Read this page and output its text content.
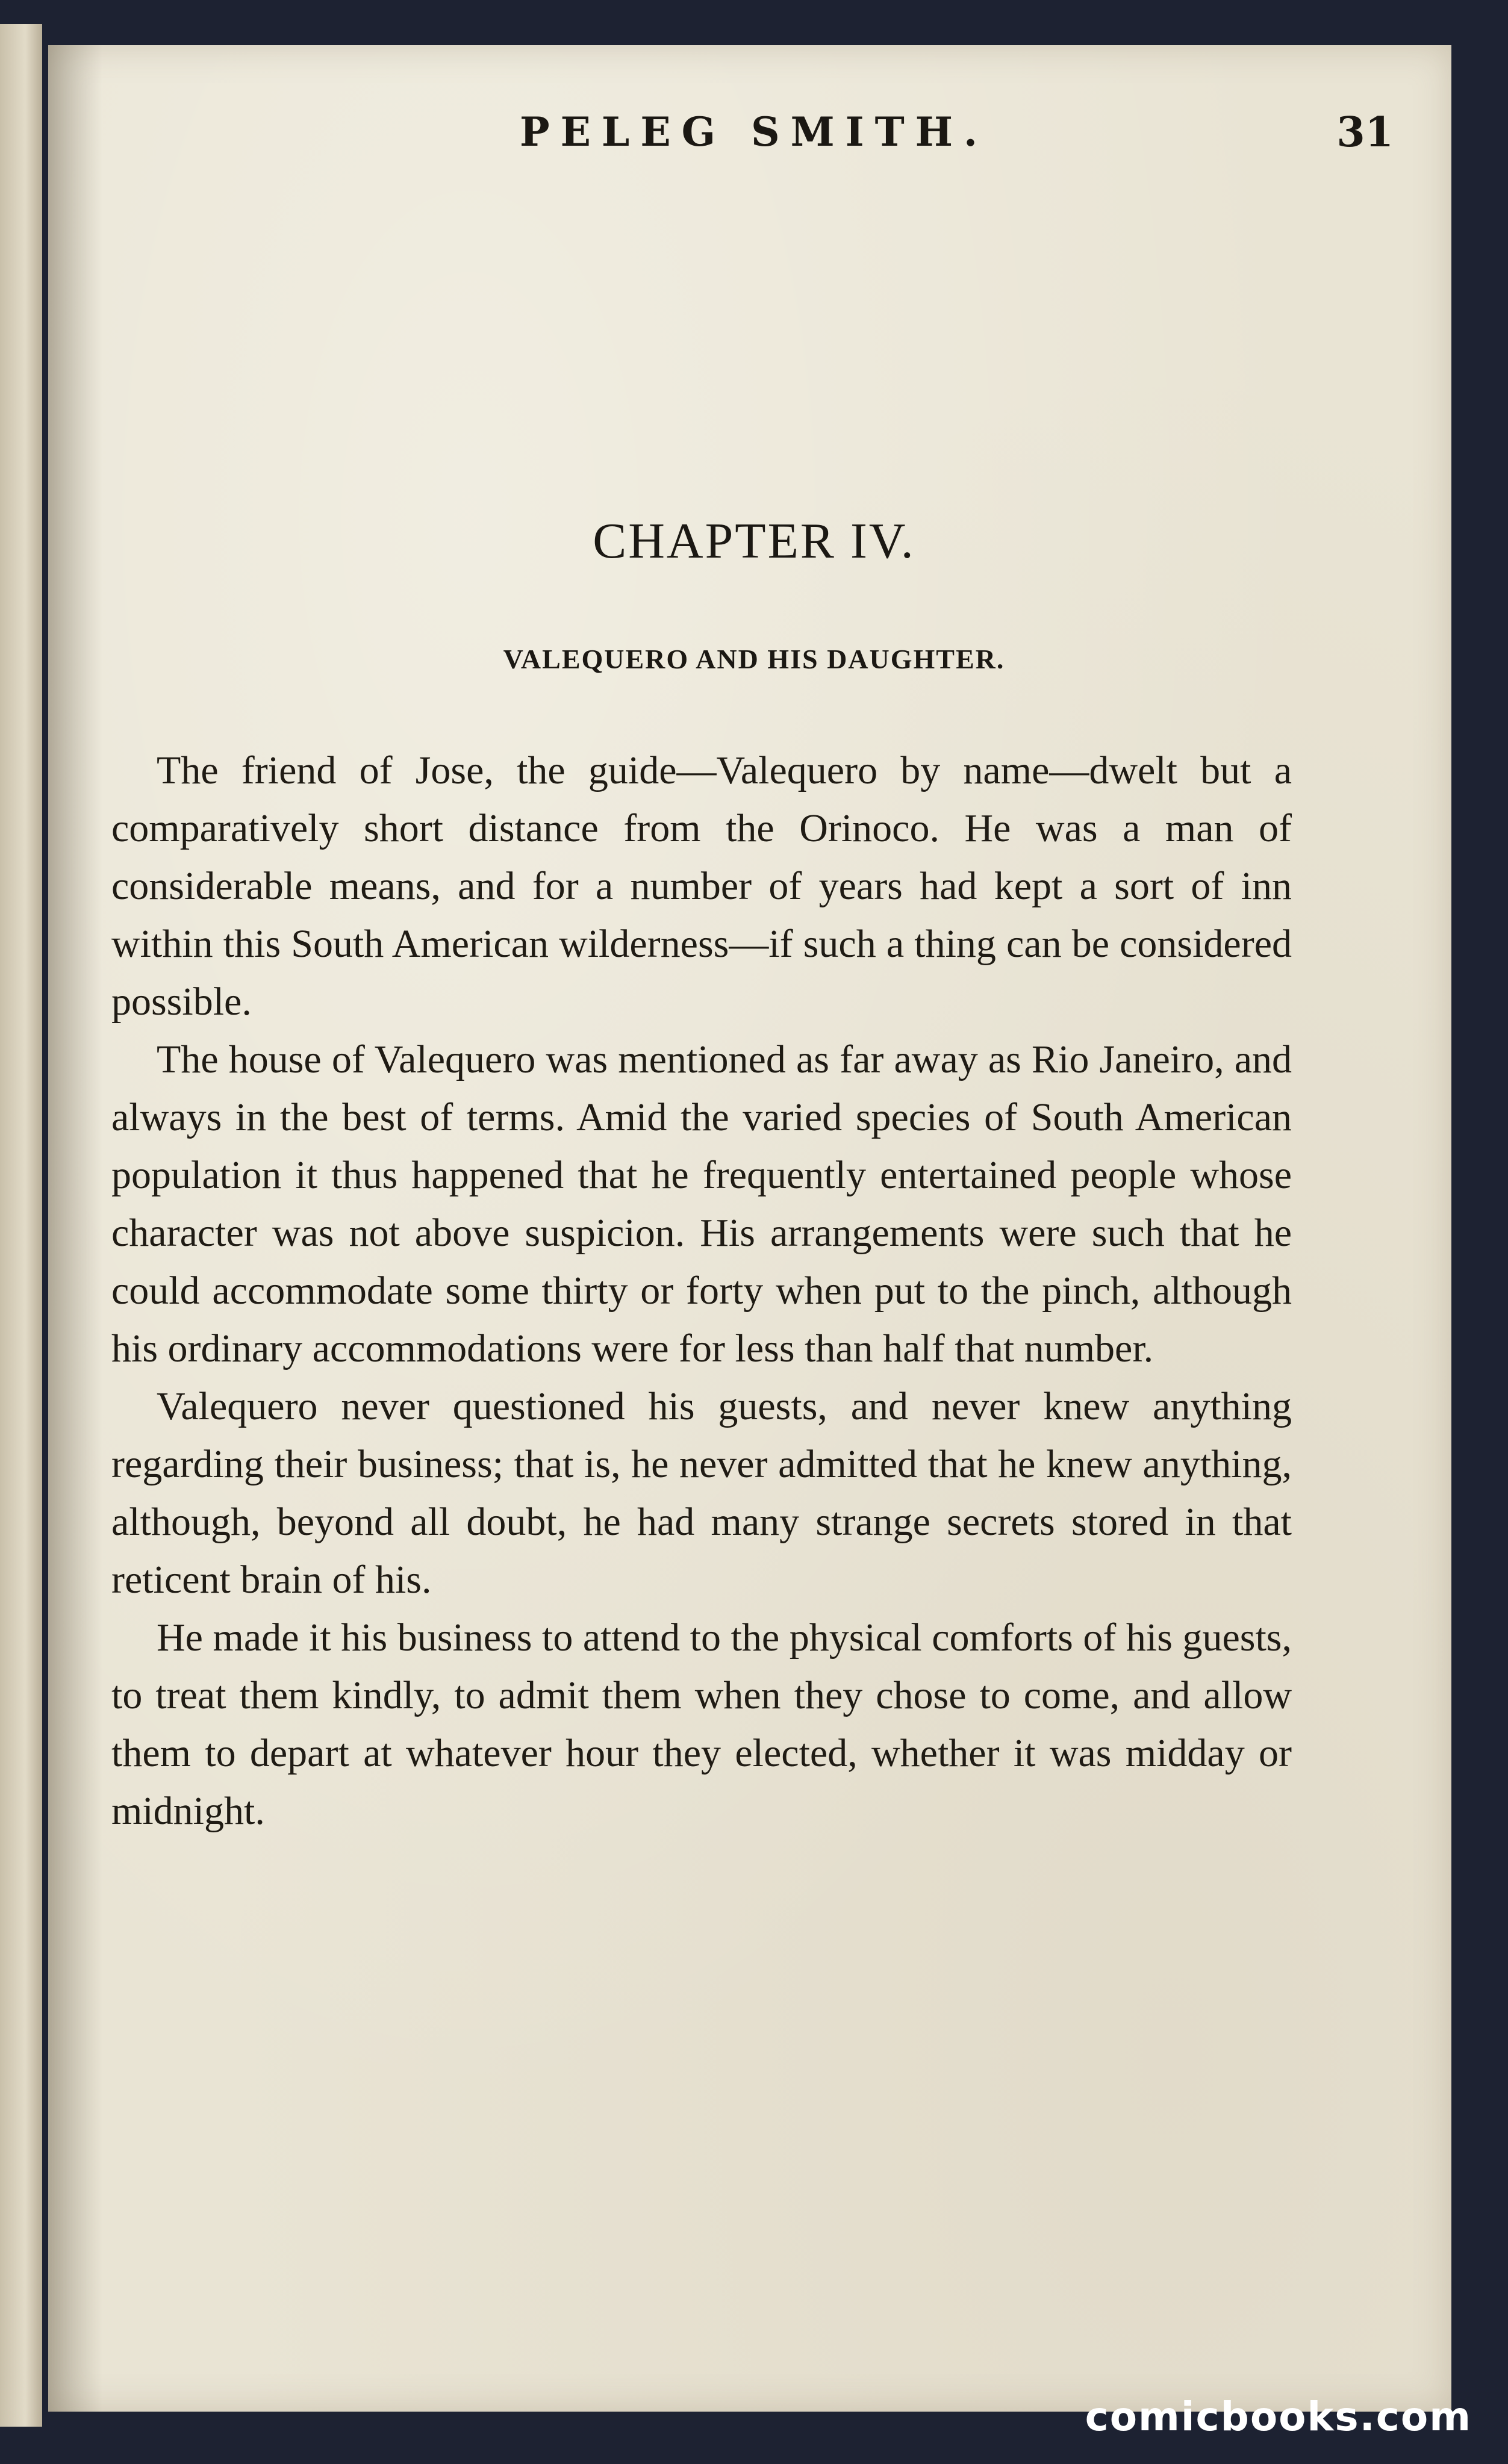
PELEG SMITH.	31
CHAPTER IV.
VALEQUERO AND HIS DAUGHTER.

The friend of Jose, the guide—Valequero by name—dwelt but a comparatively short distance from the Orinoco. He was a man of considerable means, and for a number of years had kept a sort of inn within this South American wilderness—if such a thing can be considered possible.

The house of Valequero was mentioned as far away as Rio Janeiro, and always in the best of terms. Amid the varied species of South American population it thus happened that he frequently entertained people whose character was not above suspicion. His arrangements were such that he could accommodate some thirty or forty when put to the pinch, although his ordinary accommodations were for less than half that number.

Valequero never questioned his guests, and never knew anything regarding their business; that is, he never admitted that he knew anything, although, beyond all doubt, he had many strange secrets stored in that reticent brain of his.

He made it his business to attend to the physical comforts of his guests, to treat them kindly, to admit them when they chose to come, and allow them to depart at whatever hour they elected, whether it was midday or midnight.

comicbooks.com
